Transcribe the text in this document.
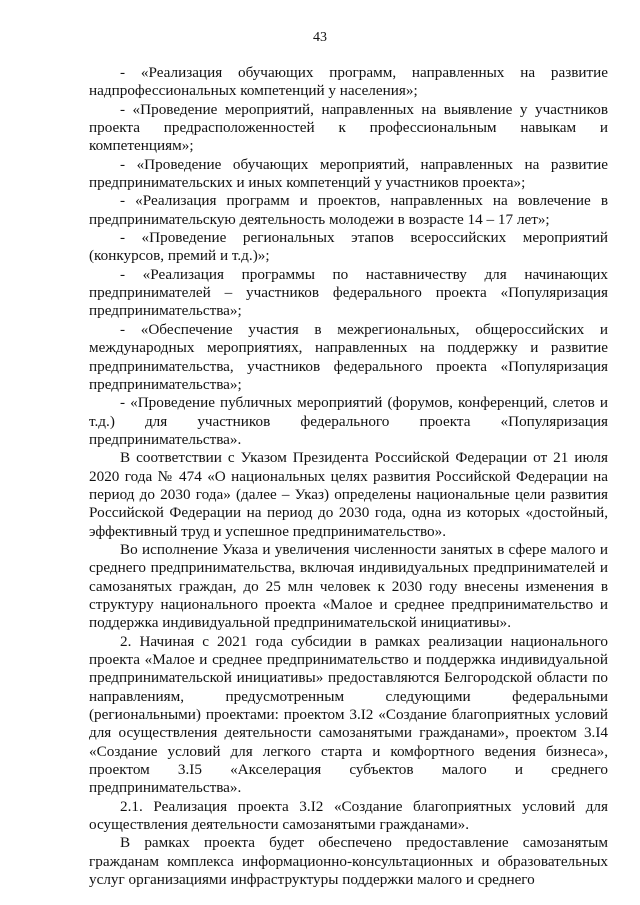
43

- «Реализация обучающих программ, направленных на развитие надпрофессиональных компетенций у населения»;

- «Проведение мероприятий, направленных на выявление у участников проекта предрасположенностей к профессиональным навыкам и компетенциям»;

- «Проведение обучающих мероприятий, направленных на развитие предпринимательских и иных компетенций у участников проекта»;

- «Реализация программ и проектов, направленных на вовлечение в предпринимательскую деятельность молодежи в возрасте 14 – 17 лет»;

- «Проведение региональных этапов всероссийских мероприятий (конкурсов, премий и т.д.)»;

- «Реализация программы по наставничеству для начинающих предпринимателей – участников федерального проекта «Популяризация предпринимательства»;

- «Обеспечение участия в межрегиональных, общероссийских и международных мероприятиях, направленных на поддержку и развитие предпринимательства, участников федерального проекта «Популяризация предпринимательства»;

- «Проведение публичных мероприятий (форумов, конференций, слетов и т.д.) для участников федерального проекта «Популяризация предпринимательства».

В соответствии с Указом Президента Российской Федерации от 21 июля 2020 года № 474 «О национальных целях развития Российской Федерации на период до 2030 года» (далее – Указ) определены национальные цели развития Российской Федерации на период до 2030 года, одна из которых «достойный, эффективный труд и успешное предпринимательство».

Во исполнение Указа и увеличения численности занятых в сфере малого и среднего предпринимательства, включая индивидуальных предпринимателей и самозанятых граждан, до 25 млн человек к 2030 году внесены изменения в структуру национального проекта «Малое и среднее предпринимательство и поддержка индивидуальной предпринимательской инициативы».

2. Начиная с 2021 года субсидии в рамках реализации национального проекта «Малое и среднее предпринимательство и поддержка индивидуальной предпринимательской инициативы» предоставляются Белгородской области по направлениям, предусмотренным следующими федеральными (региональными) проектами: проектом 3.I2 «Создание благоприятных условий для осуществления деятельности самозанятыми гражданами», проектом 3.I4 «Создание условий для легкого старта и комфортного ведения бизнеса», проектом 3.I5 «Акселерация субъектов малого и среднего предпринимательства».

2.1. Реализация проекта 3.I2 «Создание благоприятных условий для осуществления деятельности самозанятыми гражданами».

В рамках проекта будет обеспечено предоставление самозанятым гражданам комплекса информационно-консультационных и образовательных услуг организациями инфраструктуры поддержки малого и среднего
